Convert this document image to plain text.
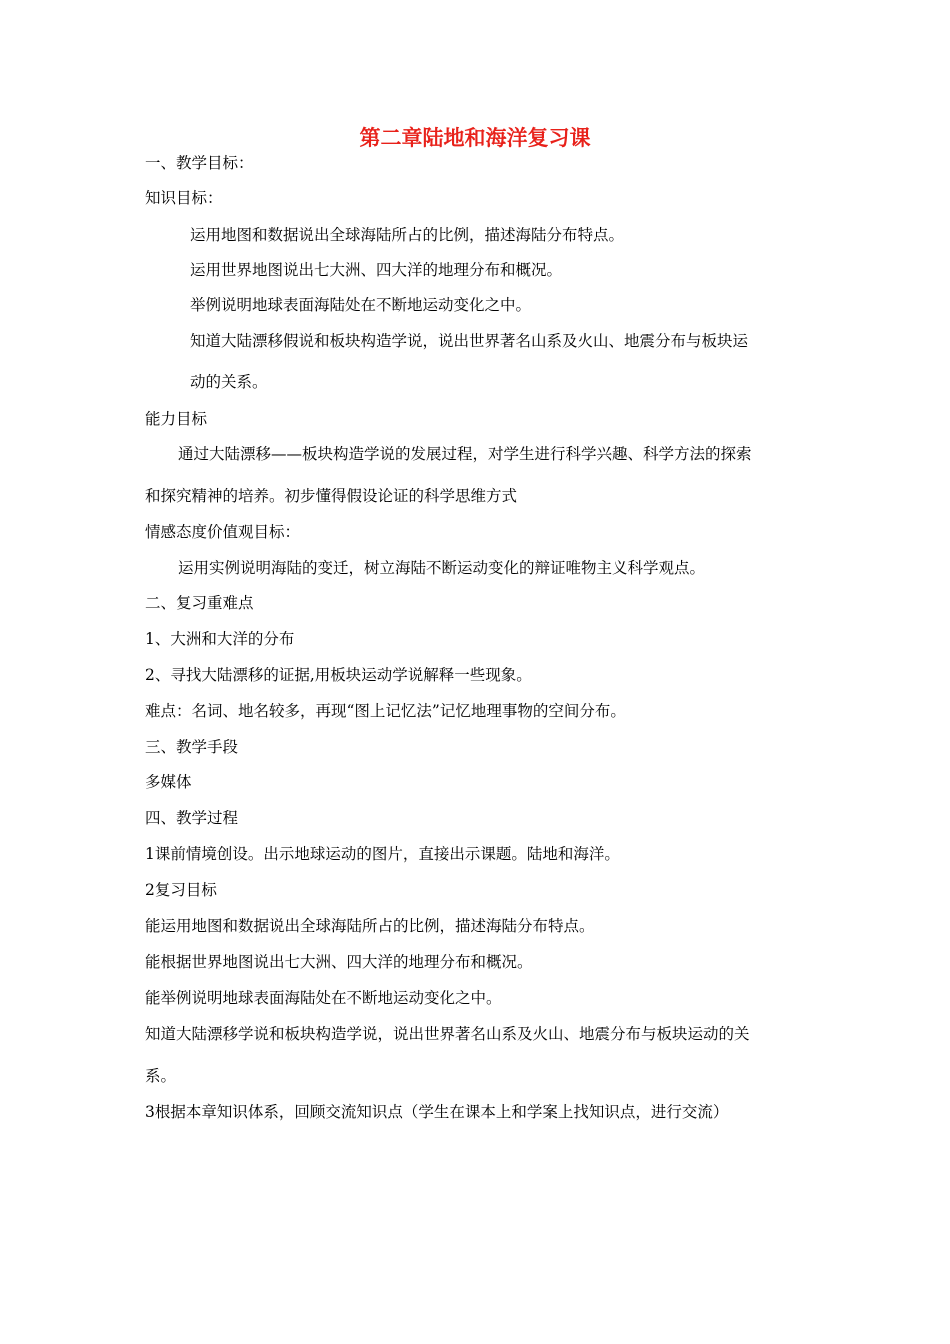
第二章陆地和海洋复习课

一、教学目标：

知识目标：

运用地图和数据说出全球海陆所占的比例，描述海陆分布特点。

运用世界地图说出七大洲、四大洋的地理分布和概况。

举例说明地球表面海陆处在不断地运动变化之中。

知道大陆漂移假说和板块构造学说，说出世界著名山系及火山、地震分布与板块运

动的关系。

能力目标

通过大陆漂移——板块构造学说的发展过程，对学生进行科学兴趣、科学方法的探索

和探究精神的培养。初步懂得假设论证的科学思维方式

情感态度价值观目标：

运用实例说明海陆的变迁，树立海陆不断运动变化的辩证唯物主义科学观点。

二、复习重难点

1、大洲和大洋的分布

2、寻找大陆漂移的证据,用板块运动学说解释一些现象。

难点：名词、地名较多，再现“图上记忆法”记忆地理事物的空间分布。

三、教学手段

多媒体

四、教学过程

1课前情境创设。出示地球运动的图片，直接出示课题。陆地和海洋。

2复习目标

能运用地图和数据说出全球海陆所占的比例，描述海陆分布特点。

能根据世界地图说出七大洲、四大洋的地理分布和概况。

能举例说明地球表面海陆处在不断地运动变化之中。

知道大陆漂移学说和板块构造学说，说出世界著名山系及火山、地震分布与板块运动的关

系。

3根据本章知识体系，回顾交流知识点（学生在课本上和学案上找知识点，进行交流）
